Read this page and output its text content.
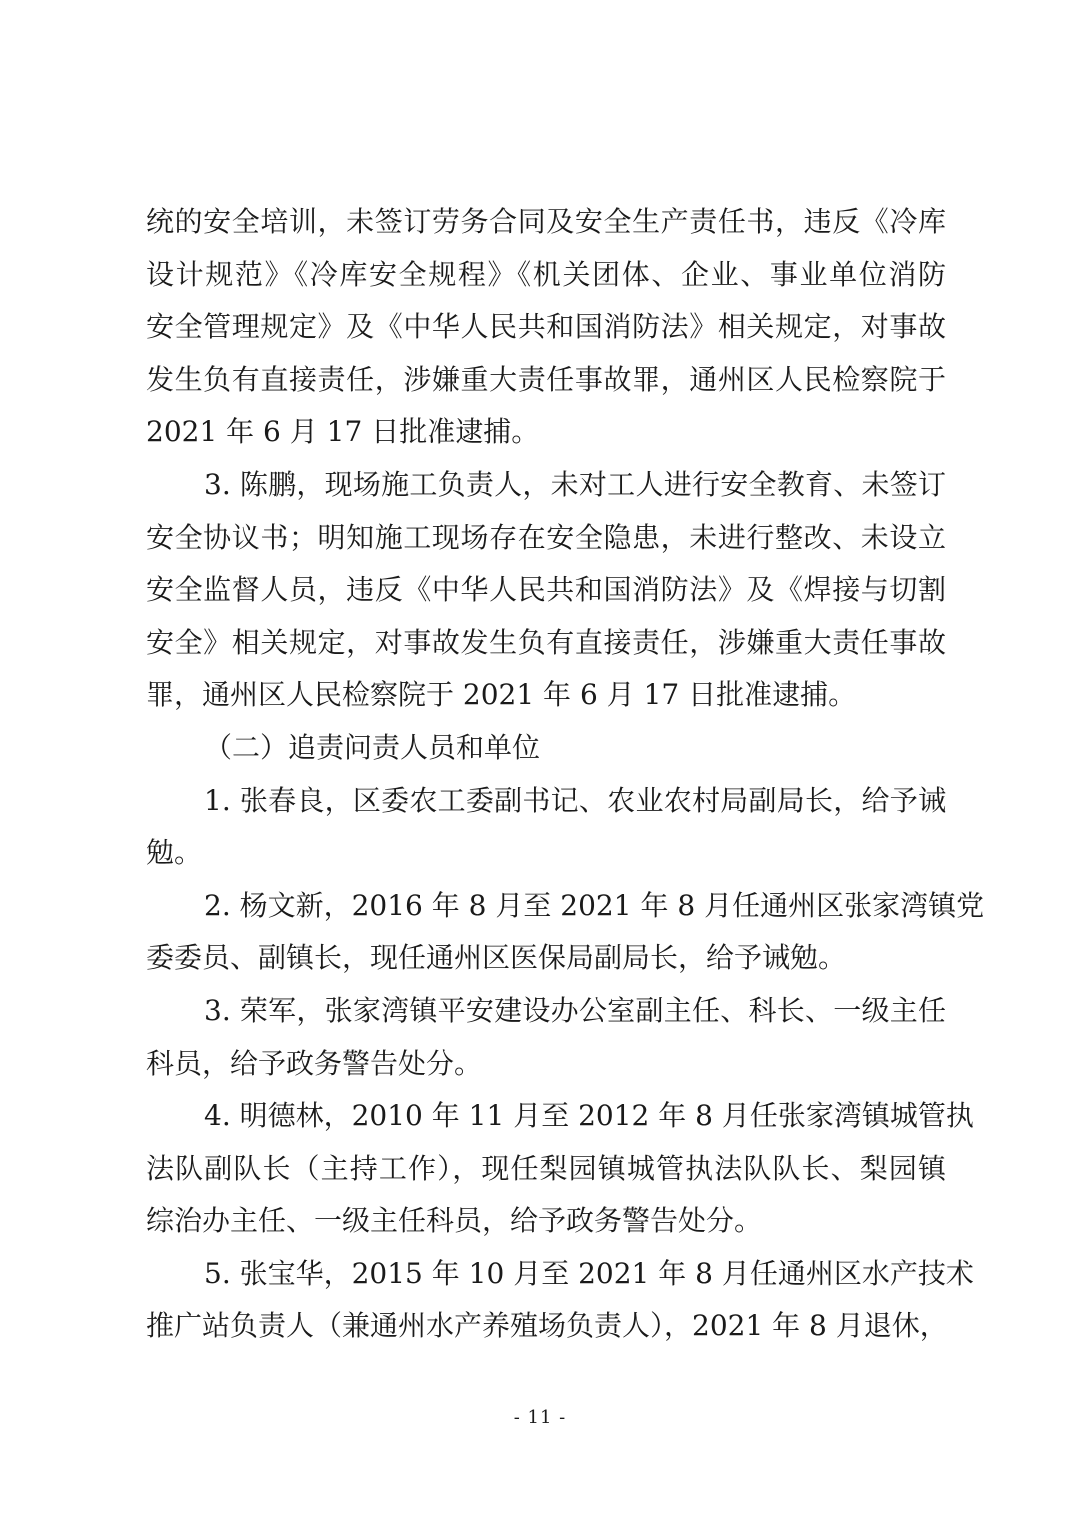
统的安全培训，未签订劳务合同及安全生产责任书，违反《冷库
设计规范》《冷库安全规程》《机关团体、企业、事业单位消防
安全管理规定》及《中华人民共和国消防法》相关规定，对事故
发生负有直接责任，涉嫌重大责任事故罪，通州区人民检察院于
2021 年 6 月 17 日批准逮捕。
3. 陈鹏，现场施工负责人，未对工人进行安全教育、未签订
安全协议书；明知施工现场存在安全隐患，未进行整改、未设立
安全监督人员，违反《中华人民共和国消防法》及《焊接与切割
安全》相关规定，对事故发生负有直接责任，涉嫌重大责任事故
罪，通州区人民检察院于 2021 年 6 月 17 日批准逮捕。
（二）追责问责人员和单位
1. 张春良，区委农工委副书记、农业农村局副局长，给予诫
勉。
2. 杨文新，2016 年 8 月至 2021 年 8 月任通州区张家湾镇党
委委员、副镇长，现任通州区医保局副局长，给予诫勉。
3. 荣军，张家湾镇平安建设办公室副主任、科长、一级主任
科员，给予政务警告处分。
4. 明德林，2010 年 11 月至 2012 年 8 月任张家湾镇城管执
法队副队长（主持工作），现任梨园镇城管执法队队长、梨园镇
综治办主任、一级主任科员，给予政务警告处分。
5. 张宝华，2015 年 10 月至 2021 年 8 月任通州区水产技术
推广站负责人（兼通州水产养殖场负责人），2021 年 8 月退休，
- 11 -
